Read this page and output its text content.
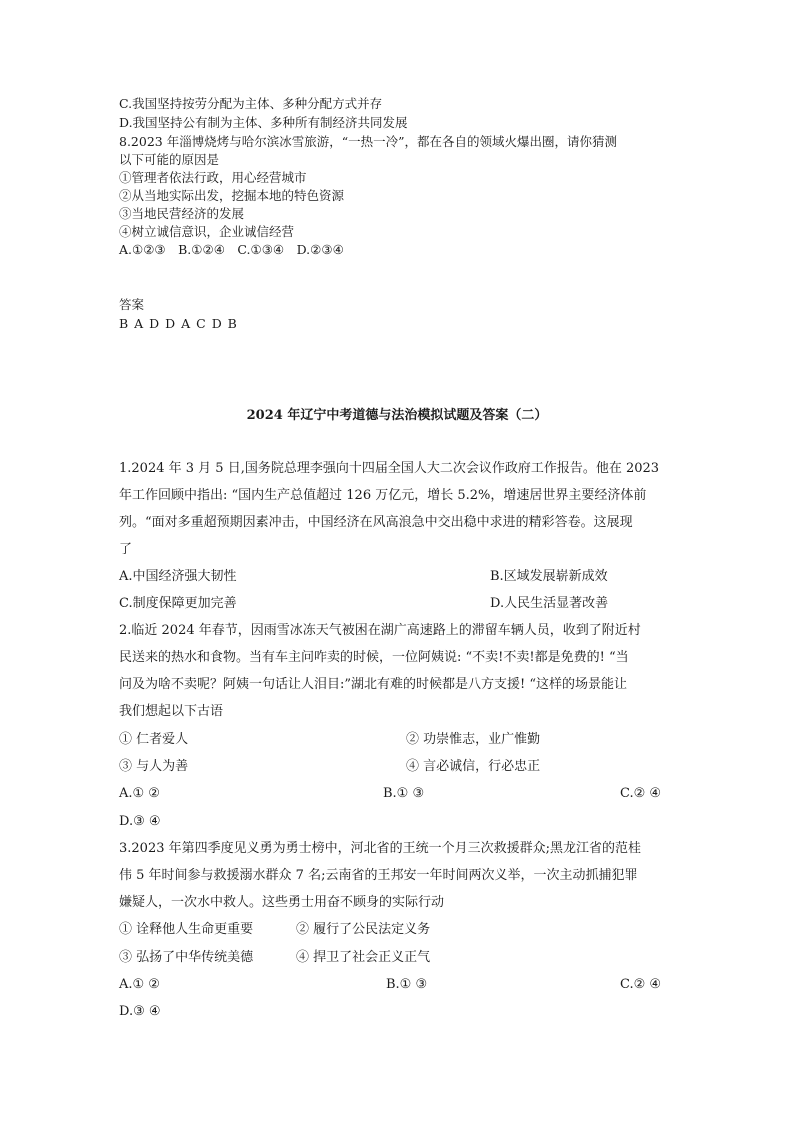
C.我国坚持按劳分配为主体、多种分配方式并存
D.我国坚持公有制为主体、多种所有制经济共同发展
8.2023 年淄博烧烤与哈尔滨冰雪旅游，“一热一冷”，都在各自的领域火爆出圈，请你猜测
以下可能的原因是
①管理者依法行政，用心经营城市
②从当地实际出发，挖掘本地的特色资源
③当地民营经济的发展
④树立诚信意识，企业诚信经营
A.①②③　B.①②④　C.①③④　D.②③④
答案
B A D D A C D B
2024 年辽宁中考道德与法治模拟试题及答案（二）
1.2024 年 3 月 5 日,国务院总理李强向十四届全国人大二次会议作政府工作报告。他在 2023
年工作回顾中指出: “国内生产总值超过 126 万亿元，增长 5.2%，增速居世界主要经济体前
列。“面对多重超预期因素冲击，中国经济在风高浪急中交出稳中求进的精彩答卷。这展现
了
A.中国经济强大韧性	B.区域发展崭新成效
C.制度保障更加完善	D.人民生活显著改善
2.临近 2024 年春节，因雨雪冰冻天气被困在湖广高速路上的滞留车辆人员，收到了附近村
民送来的热水和食物。当有车主问咋卖的时候，一位阿姨说: “不卖!不卖!都是免费的! “当
问及为啥不卖呢？阿姨一句话让人泪目:”湖北有难的时候都是八方支援! “这样的场景能让
我们想起以下古语
① 仁者爱人	② 功崇惟志，业广惟勤
③ 与人为善	④ 言必诚信，行必忠正
A.① ②	B.① ③	C.② ④
D.③ ④
3.2023 年第四季度见义勇为勇士榜中，河北省的王统一个月三次救援群众;黑龙江省的范桂
伟 5 年时间参与救援溺水群众 7 名;云南省的王邦安一年时间两次义举，一次主动抓捕犯罪
嫌疑人，一次水中救人。这些勇士用奋不顾身的实际行动
① 诠释他人生命更重要	② 履行了公民法定义务
③ 弘扬了中华传统美德	④ 捍卫了社会正义正气
A.① ②	B.① ③	C.② ④
D.③ ④
